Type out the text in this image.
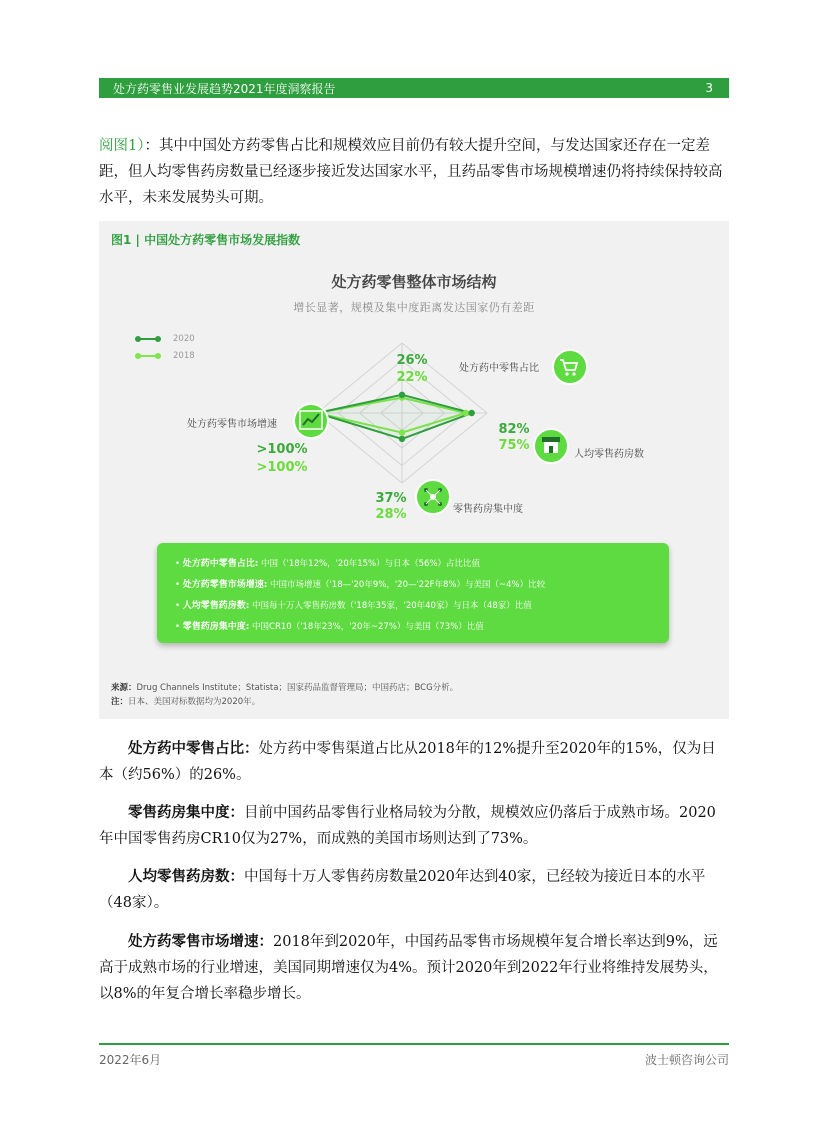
处方药零售业发展趋势2021年度洞察报告	3
阅图1）：其中中国处方药零售占比和规模效应目前仍有较大提升空间，与发达国家还存在一定差距，但人均零售药房数量已经逐步接近发达国家水平，且药品零售市场规模增速仍将持续保持较高水平，未来发展势头可期。
图1 | 中国处方药零售市场发展指数
处方药零售整体市场结构
增长显著，规模及集中度距离发达国家仍有差距
2020
2018	26%
22%
82%
75%
37%
28%
>100%
>100%
处方药中零售占比
人均零售药房数
零售药房集中度
处方药零售市场增速
• 处方药中零售占比: 中国（'18年12%，'20年15%）与日本（56%）占比比值
• 处方药零售市场增速: 中国市场增速（'18—'20年9%，'20—'22F年8%）与美国（~4%）比较
• 人均零售药房数: 中国每十万人零售药房数（'18年35家，'20年40家）与日本（48家）比值
• 零售药房集中度: 中国CR10（'18年23%，'20年~27%）与美国（73%）比值
来源：Drug Channels Institute；Statista；国家药品监督管理局；中国药店；BCG分析。
注：日本、美国对标数据均为2020年。
处方药中零售占比：处方药中零售渠道占比从2018年的12%提升至2020年的15%，仅为日本（约56%）的26%。
零售药房集中度：目前中国药品零售行业格局较为分散，规模效应仍落后于成熟市场。2020年中国零售药房CR10仅为27%，而成熟的美国市场则达到了73%。
人均零售药房数：中国每十万人零售药房数量2020年达到40家，已经较为接近日本的水平（48家）。
处方药零售市场增速：2018年到2020年，中国药品零售市场规模年复合增长率达到9%，远高于成熟市场的行业增速，美国同期增速仅为4%。预计2020年到2022年行业将维持发展势头，以8%的年复合增长率稳步增长。
2022年6月	波士顿咨询公司
